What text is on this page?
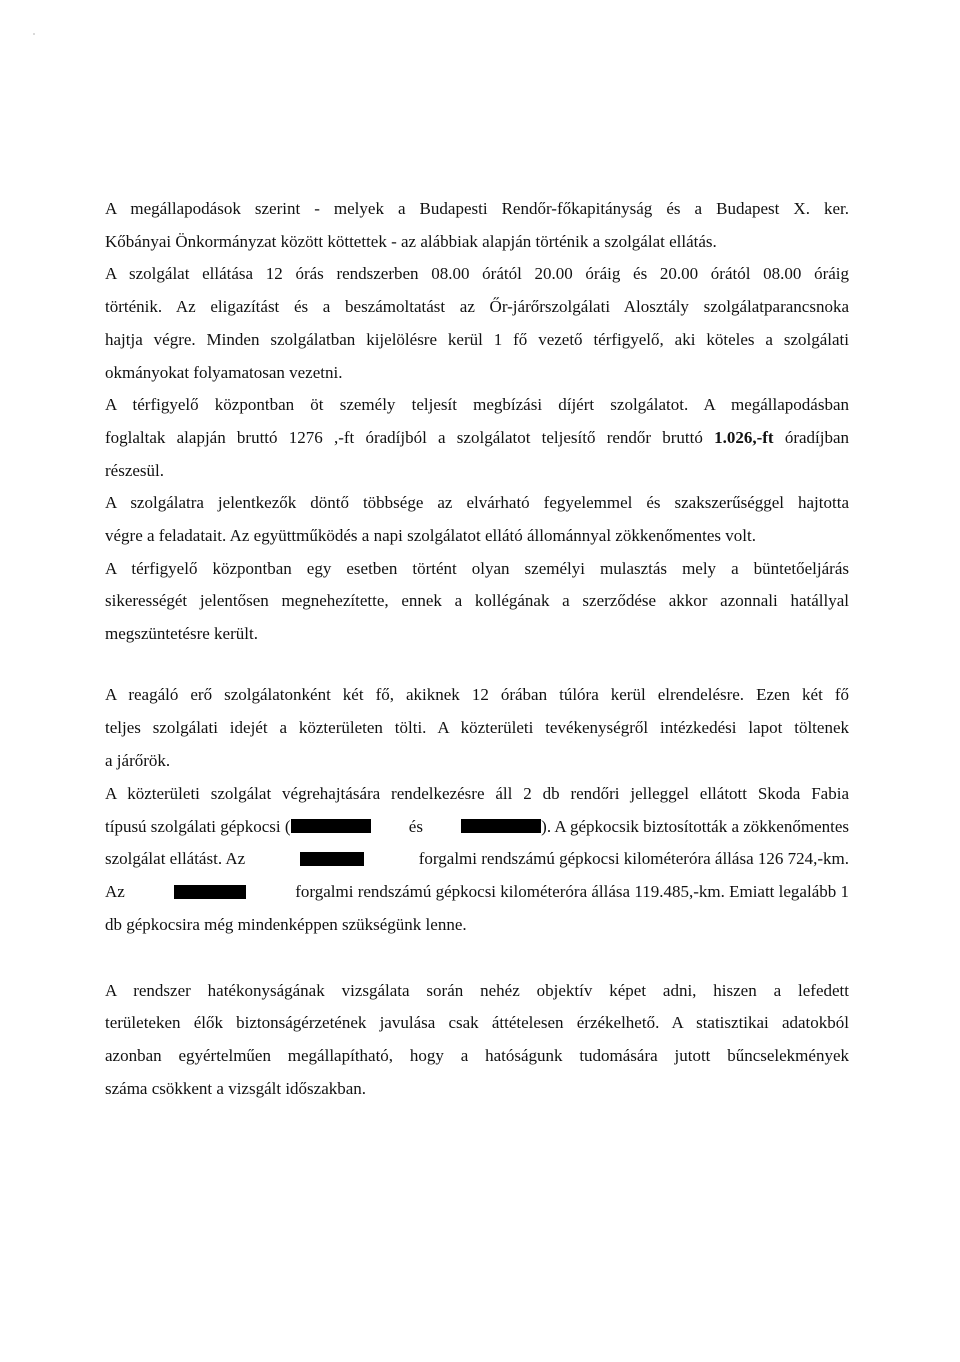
A megállapodások szerint - melyek a Budapesti Rendőr-főkapitányság és a Budapest X. ker.
Kőbányai Önkormányzat között köttettek - az alábbiak alapján történik a szolgálat ellátás.
A szolgálat ellátása 12 órás rendszerben 08.00 órától 20.00 óráig és 20.00 órától 08.00 óráig
történik. Az eligazítást és a beszámoltatást az Őr-járőrszolgálati Alosztály szolgálatparancsnoka
hajtja végre. Minden szolgálatban kijelölésre kerül 1 fő vezető térfigyelő, aki köteles a szolgálati
okmányokat folyamatosan vezetni.
A térfigyelő központban öt személy teljesít megbízási díjért szolgálatot. A megállapodásban
foglaltak alapján bruttó 1276 ,-ft óradíjból a szolgálatot teljesítő rendőr bruttó 1.026,-ft óradíjban
részesül.
A szolgálatra jelentkezők döntő többsége az elvárható fegyelemmel és szakszerűséggel hajtotta
végre a feladatait. Az együttműködés a napi szolgálatot ellátó állománnyal zökkenőmentes volt.
A térfigyelő központban egy esetben történt olyan személyi mulasztás mely a büntetőeljárás
sikerességét jelentősen megnehezítette, ennek a kollégának a szerződése akkor azonnali hatállyal
megszüntetésre került.
A reagáló erő szolgálatonként két fő, akiknek 12 órában túlóra kerül elrendelésre. Ezen két fő
teljes szolgálati idejét a közterületen tölti. A közterületi tevékenységről intézkedési lapot töltenek
a járőrök.
A közterületi szolgálat végrehajtására rendelkezésre áll 2 db rendőri jelleggel ellátott Skoda Fabia
típusú szolgálati gépkocsi (	és	). A gépkocsik biztosították a zökkenőmentes
szolgálat ellátást. Az	forgalmi rendszámú gépkocsi kilométeróra állása 126 724,-km.
Az	forgalmi rendszámú gépkocsi kilométeróra állása 119.485,-km. Emiatt legalább 1
db gépkocsira még mindenképpen szükségünk lenne.
A rendszer hatékonyságának vizsgálata során nehéz objektív képet adni, hiszen a lefedett
területeken élők biztonságérzetének javulása csak áttételesen érzékelhető. A statisztikai adatokból
azonban egyértelműen megállapítható, hogy a hatóságunk tudomására jutott bűncselekmények
száma csökkent a vizsgált időszakban.
